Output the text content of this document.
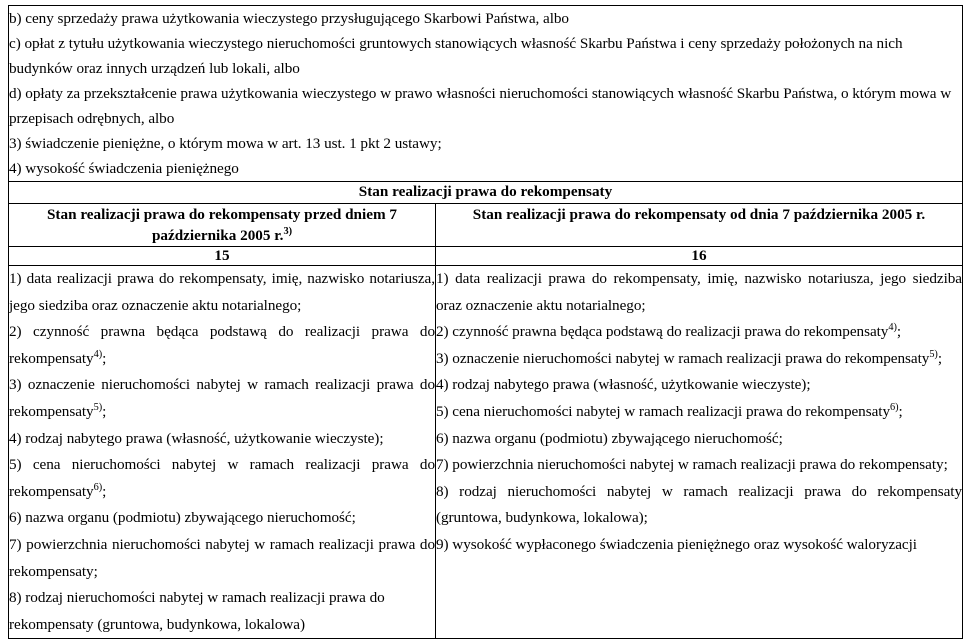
b) ceny sprzedaży prawa użytkowania wieczystego przysługującego Skarbowi Państwa, albo
c) opłat z tytułu użytkowania wieczystego nieruchomości gruntowych stanowiących własność Skarbu Państwa i ceny sprzedaży położonych na nich budynków oraz innych urządzeń lub lokali, albo
d) opłaty za przekształcenie prawa użytkowania wieczystego w prawo własności nieruchomości stanowiących własność Skarbu Państwa, o którym mowa w przepisach odrębnych, albo
3) świadczenie pieniężne, o którym mowa w art. 13 ust. 1 pkt 2 ustawy;
4) wysokość świadczenia pieniężnego	

Stan realizacji prawa do rekompensaty	
Stan realizacji prawa do rekompensaty przed dniem 7 października 2005 r.$^{3)}$	Stan realizacji prawa do rekompensaty od dnia 7 października 2005 r.
15	16

1) data realizacji prawa do rekompensaty, imię, nazwisko notariusza, jego siedziba oraz oznaczenie aktu notarialnego;
2) czynność prawna będąca podstawą do realizacji prawa do rekompensaty$^{4)}$;
3) oznaczenie nieruchomości nabytej w ramach realizacji prawa do rekompensaty$^{5)}$;
4) rodzaj nabytego prawa (własność, użytkowanie wieczyste);
5) cena nieruchomości nabytej w ramach realizacji prawa do rekompensaty$^{6)}$;
6) nazwa organu (podmiotu) zbywającego nieruchomość;
7) powierzchnia nieruchomości nabytej w ramach realizacji prawa do rekompensaty;
8) rodzaj nieruchomości nabytej w ramach realizacji prawa do rekompensaty (gruntowa, budynkowa, lokalowa)

1) data realizacji prawa do rekompensaty, imię, nazwisko notariusza, jego siedziba oraz oznaczenie aktu notarialnego;
2) czynność prawna będąca podstawą do realizacji prawa do rekompensaty$^{4)}$;
3) oznaczenie nieruchomości nabytej w ramach realizacji prawa do rekompensaty$^{5)}$;
4) rodzaj nabytego prawa (własność, użytkowanie wieczyste);
5) cena nieruchomości nabytej w ramach realizacji prawa do rekompensaty$^{6)}$;
6) nazwa organu (podmiotu) zbywającego nieruchomość;
7) powierzchnia nieruchomości nabytej w ramach realizacji prawa do rekompensaty;
8) rodzaj nieruchomości nabytej w ramach realizacji prawa do rekompensaty (gruntowa, budynkowa, lokalowa);
9) wysokość wypłaconego świadczenia pieniężnego oraz wysokość waloryzacji
